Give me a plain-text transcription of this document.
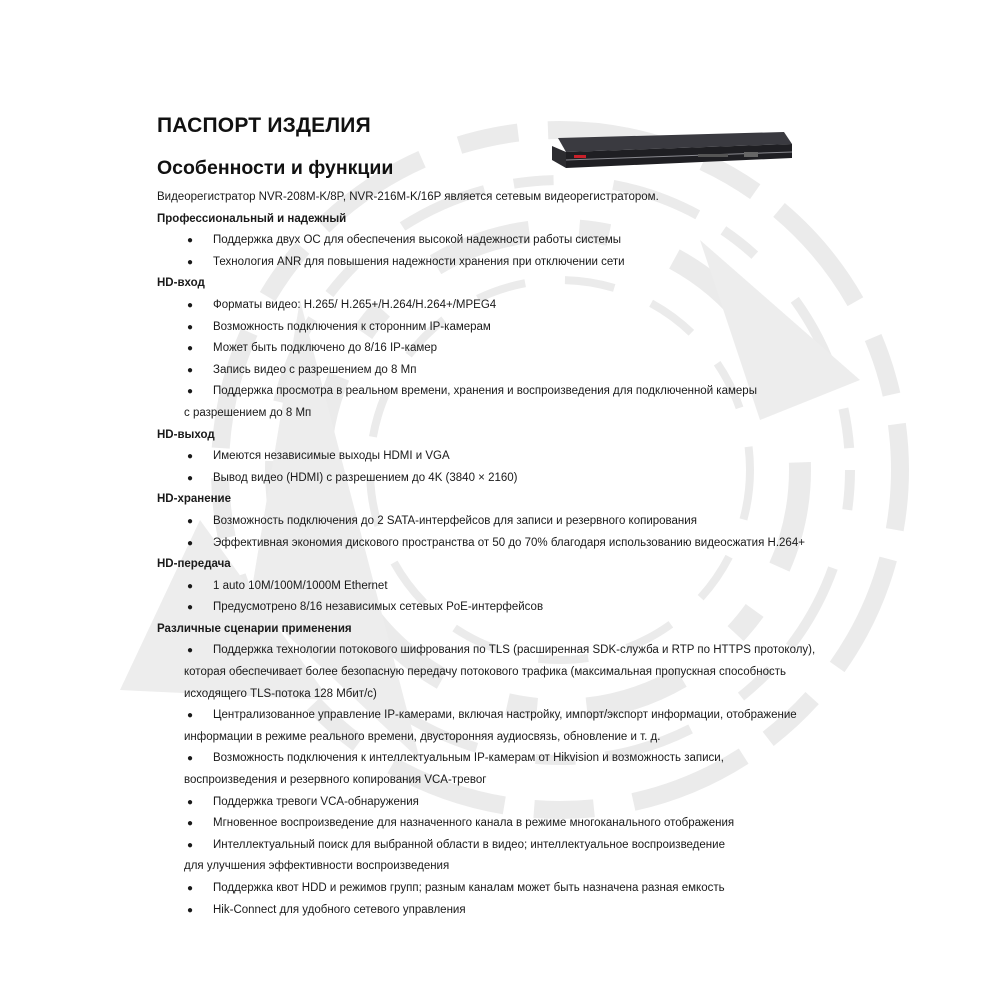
ПАСПОРТ ИЗДЕЛИЯ
Особенности и функции

Видеорегистратор NVR-208M-K/8P, NVR-216M-K/16P является сетевым видеорегистратором.

Профессиональный и надежный

●	Поддержка двух ОС для обеспечения высокой надежности работы системы

●	Технология ANR для повышения надежности хранения при отключении сети

HD-вход

●	Форматы видео: H.265/ H.265+/H.264/H.264+/MPEG4

●	Возможность подключения к сторонним IP-камерам

●	Может быть подключено до 8/16 IP-камер

●	Запись видео с разрешением до 8 Мп

●	Поддержка просмотра в реальном времени, хранения и воспроизведения для подключенной камеры
с разрешением до 8 Мп

HD-выход

●	Имеются независимые выходы HDMI и VGA

●	Вывод видео (HDMI) с разрешением до 4K (3840 × 2160)

HD-хранение

●	Возможность подключения до 2 SATA-интерфейсов для записи и резервного копирования

●	Эффективная экономия дискового пространства от 50 до 70% благодаря использованию видеосжатия H.264+

HD-передача

●	1 auto 10M/100M/1000M Ethernet

●	Предусмотрено 8/16 независимых сетевых PoE-интерфейсов

Различные сценарии применения

●	Поддержка технологии потокового шифрования по TLS (расширенная SDK-служба и RTP по HTTPS протоколу),
которая обеспечивает более безопасную передачу потокового трафика (максимальная пропускная способность
исходящего TLS-потока 128 Мбит/с)

●	Централизованное управление IP-камерами, включая настройку, импорт/экспорт информации, отображение
информации в режиме реального времени, двусторонняя аудиосвязь, обновление и т. д.

●	Возможность подключения к интеллектуальным IP-камерам от Hikvision и возможность записи,
воспроизведения и резервного копирования VCA-тревог

●	Поддержка тревоги VCA-обнаружения

●	Мгновенное воспроизведение для назначенного канала в режиме многоканального отображения

●	Интеллектуальный поиск для выбранной области в видео; интеллектуальное воспроизведение
для улучшения эффективности воспроизведения

●	Поддержка квот HDD и режимов групп; разным каналам может быть назначена разная емкость

●	Hik-Connect для удобного сетевого управления
